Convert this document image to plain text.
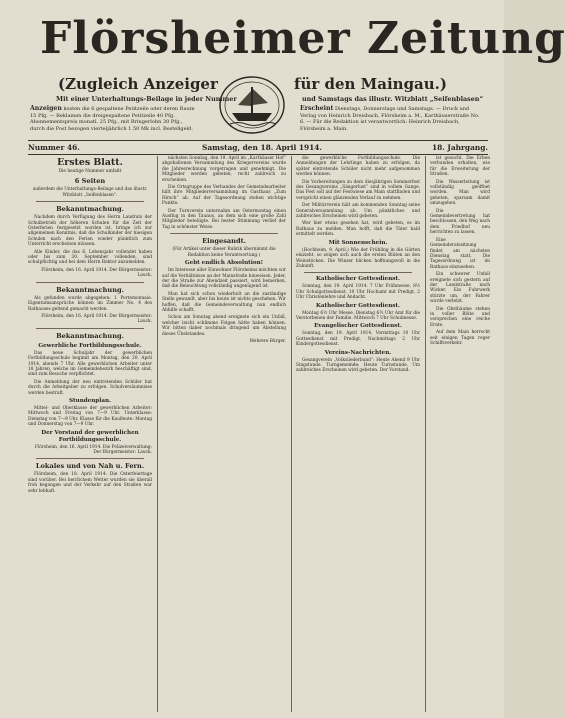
Flörsheimer Zeitung
(Zugleich Anzeiger	für den Maingau.)
Mit einer Unterhaltungs-Beilage in jeder Nummer	und Samstags das illustr. Witzblatt „Seifenblasen“
Anzeigen kosten die 6 gespaltene Petitzeile oder deren Raum 15 Pfg. — Reklamen die dreigespaltene Petitzeile 40 Pfg. Abonnementspreis monatl. 25 Pfg., mit Bringerlohn 30 Pfg., durch die Post bezogen vierteljährlich 1.50 Mk incl. Bestellgeld.
Erscheint Dienstags, Donnerstags und Samstags. — Druck und Verlag von Heinrich Dreisbach, Flörsheim a. M., Karthäuserstraße No. 6. — Für die Redaktion ist verantwortlich: Heinrich Dreisbach, Flörsheim a. Main.
Nummer 46.	Samstag, den 18. April 1914.	18. Jahrgang.
Erstes Blatt.

Die heutige Nummer umfaßt

6 Seiten

außerdem die Unterhaltungs-Beilage und das illustr. Witzblatt „Seifenblasen“.

Bekanntmachung.

Nachdem durch Verfügung des Herrn Landrats der Schulbetrieb der höheren Schulen für die Zeit der Osterferien festgesetzt worden ist, bringe ich zur allgemeinen Kenntnis, daß die Schulkinder der hiesigen Schulen nach den Ferien wieder pünktlich zum Unterricht erscheinen müssen.

Alle Kinder, die das 6. Lebensjahr vollendet haben oder bis zum 30. September vollenden, sind schulpflichtig und bei dem Herrn Rektor anzumelden.

Flörsheim, den 16. April 1914. Der Bürgermeister: Lauck.

Bekanntmachung.

Als gefunden wurde abgegeben: 1 Portemonnaie. Eigentumsansprüche können im Zimmer No. 4 des Rathauses geltend gemacht werden.

Flörsheim, den 16. April 1914. Der Bürgermeister: Lauck.

Bekanntmachung.
Gewerbliche Fortbildungsschule.

Das neue Schuljahr der gewerblichen Fortbildungsschule beginnt am Montag, den 20. April 1914, abends 7 Uhr. Alle gewerblichen Arbeiter unter 18 Jahren, welche im Gemeindebezirk beschäftigt sind, sind zum Besuche verpflichtet.

Die Anmeldung der neu eintretenden Schüler hat durch die Arbeitgeber zu erfolgen. Schulversäumnisse werden bestraft.

Stundenplan.

Mittel- und Oberklasse der gewerblichen Arbeiter: Mittwoch und Freitag von 7—9 Uhr. Unterklasse: Dienstag von 7—9 Uhr. Klasse für die Kaufleute: Montag und Donnerstag von 7—9 Uhr.

Der Vorstand der gewerblichen Fortbildungsschule.

Flörsheim, den 16. April 1914. Die Polizeiverwaltung: Der Bürgermeister: Lauck.

Lokales und von Nah u. Fern.

Flörsheim, den 18. April 1914. Die Osterfeiertage sind vorüber. Bei herrlichem Wetter wurden sie überall froh begangen und der Verkehr auf den Straßen war sehr lebhaft.

nächsten Sonntag, den 19. April im „Karthäuser Hof“ abgehaltenen Versammlung des Kriegervereins wurde die Jahresrechnung vorgetragen und genehmigt. Die Mitglieder werden gebeten, recht zahlreich zu erscheinen.

Die Ortsgruppe des Verbandes der Gemeindearbeiter hält ihre Mitgliederversammlung im Gasthaus „Zum Hirsch“ ab. Auf der Tagesordnung stehen wichtige Punkte.

Der Turnverein unternahm am Ostermontag einen Ausflug in den Taunus, an dem sich eine große Zahl Mitglieder beteiligte. Bei bester Stimmung verlief der Tag in schönster Weise.

Eingesandt.

(Für Artikel unter dieser Rubrik übernimmt die Redaktion keine Verantwortung.)

Gebt endlich Absolution!

Im Interesse aller Einwohner Flörsheims möchten wir auf die Verhältnisse an der Mainstraße hinweisen. Jeder, der die Straße zur Abendzeit passiert, wird bemerken, daß die Beleuchtung vollständig ungenügend ist.

Man hat sich schon wiederholt an die zuständige Stelle gewandt, aber bis heute ist nichts geschehen. Wir hoffen, daß die Gemeindeverwaltung nun endlich Abhilfe schafft.

Schon am Sonntag abend ereignete sich ein Unfall, welcher leicht schlimme Folgen hätte haben können. Wir bitten daher nochmals dringend um Abstellung dieses Übelstandes.

Mehrere Bürger.

die gewerbliche Fortbildungsschule. Die Anmeldungen der Lehrlinge haben zu erfolgen, da später eintretende Schüler nicht mehr aufgenommen werden können.

Die Vorbereitungen zu dem diesjährigen Sommerfest des Gesangvereins „Sängerlust“ sind in vollem Gange. Das Fest soll auf der Festwiese am Main stattfinden und verspricht einen glänzenden Verlauf zu nehmen.

Der Militärverein hält am kommenden Sonntag seine Generalversammlung ab. Um pünktliches und zahlreiches Erscheinen wird gebeten.

Wer hier etwas gesehen hat, wird gebeten, es im Rathaus zu melden. Man hofft, daß die Täter bald ermittelt werden.

Mit Sonnenschein.

(Hochheim, 9. April.) Wie der Frühling in die Gärten einzieht, so zeigen sich auch die ersten Blüten an den Weinstöcken. Die Winzer blicken hoffnungsvoll in die Zukunft.

Katholischer Gottesdienst.

Sonntag, den 19. April 1914. 7 Uhr Frühmesse, 8½ Uhr Schulgottesdienst, 10 Uhr Hochamt mit Predigt, 2 Uhr Christenlehre und Andacht.

Katholischer Gottesdienst.

Montag 6½ Uhr Messe. Dienstag 6½ Uhr Amt für die Verstorbenen der Familie. Mittwoch 7 Uhr Schulmesse.

Evangelischer Gottesdienst.

Sonntag, den 19. April 1914. Vormittags 10 Uhr Gottesdienst mit Predigt. Nachmittags 2 Uhr Kindergottesdienst.

Vereins-Nachrichten.

Gesangverein „Volksliederbund“: Heute Abend 9 Uhr Singstunde. Turngemeinde: Heute Turnstunde. Um zahlreiches Erscheinen wird gebeten. Der Vorstand.

ist gesucht. Die Erben verbunden erhalten, wie für die Erweiterung der Straßen.

Die Wasserleitung ist vollständig geöffnet worden. Man wird gebeten, sparsam damit umzugehen.

Die Gemeindevertretung hat beschlossen, den Weg nach dem Friedhof neu herrichten zu lassen.

Eine Gemeinderatssitzung findet am nächsten Dienstag statt. Die Tagesordnung ist im Rathaus einzusehen.

Ein schwerer Unfall ereignete sich gestern auf der Landstraße nach Wicker. Ein Fuhrwerk stürzte um, der Fahrer wurde verletzt.

Die Obstbäume stehen in voller Blüte und versprechen eine reiche Ernte.

Auf dem Main herrscht seit einigen Tagen reger Schiffsverkehr.
